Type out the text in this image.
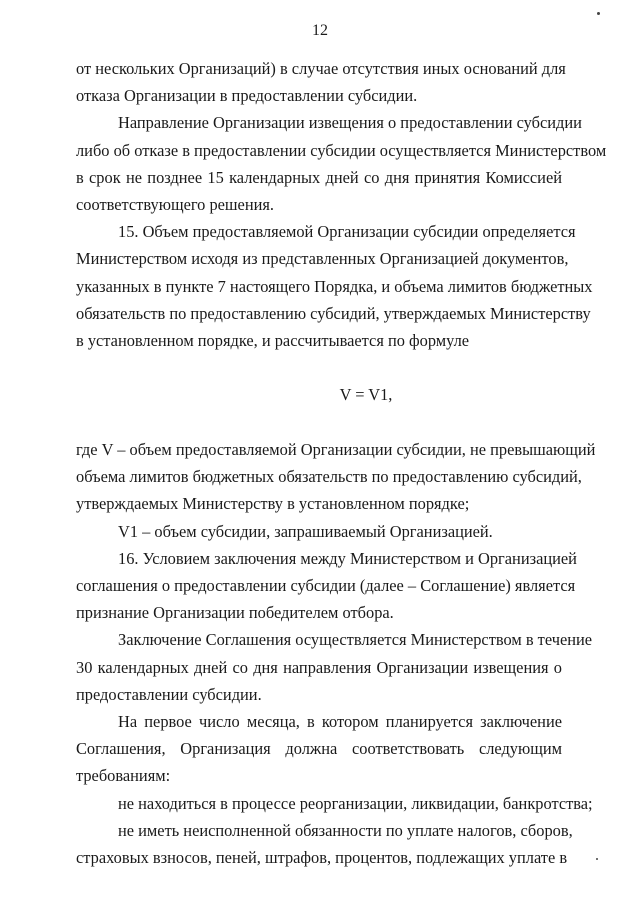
12
от нескольких Организаций) в случае отсутствия иных оснований для
отказа Организации в предоставлении субсидии.
Направление Организации извещения о предоставлении субсидии
либо об отказе в предоставлении субсидии осуществляется Министерством
в срок не позднее 15 календарных дней со дня принятия Комиссией
соответствующего решения.
15. Объем предоставляемой Организации субсидии определяется
Министерством исходя из представленных Организацией документов,
указанных в пункте 7 настоящего Порядка, и объема лимитов бюджетных
обязательств по предоставлению субсидий, утверждаемых Министерству
в установленном порядке, и рассчитывается по формуле
V = V1,
где V – объем предоставляемой Организации субсидии, не превышающий
объема лимитов бюджетных обязательств по предоставлению субсидий,
утверждаемых Министерству в установленном порядке;
V1 – объем субсидии, запрашиваемый Организацией.
16. Условием заключения между Министерством и Организацией
соглашения о предоставлении субсидии (далее – Соглашение) является
признание Организации победителем отбора.
Заключение Соглашения осуществляется Министерством в течение
30 календарных дней со дня направления Организации извещения о
предоставлении субсидии.
На первое число месяца, в котором планируется заключение
Соглашения, Организация должна соответствовать следующим
требованиям:
не находиться в процессе реорганизации, ликвидации, банкротства;
не иметь неисполненной обязанности по уплате налогов, сборов,
страховых взносов, пеней, штрафов, процентов, подлежащих уплате в
